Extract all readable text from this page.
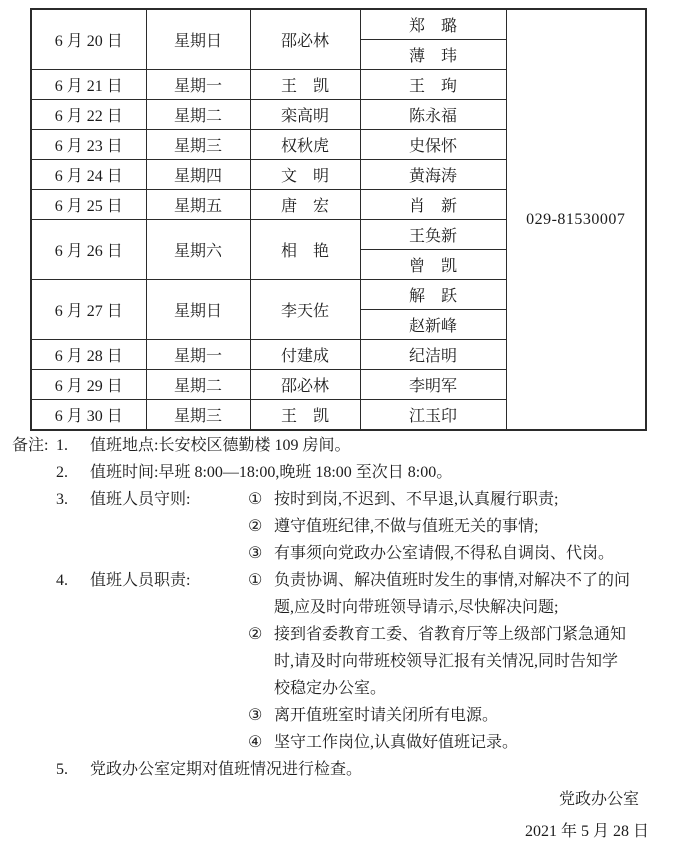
6 月 20 日	星期日	邵必林	郑　璐	029-81530007
			薄　玮	
6 月 21 日	星期一	王　凯	王　珣	
6 月 22 日	星期二	栾高明	陈永福	
6 月 23 日	星期三	权秋虎	史保怀	
6 月 24 日	星期四	文　明	黄海涛	
6 月 25 日	星期五	唐　宏	肖　新	
6 月 26 日	星期六	相　艳	王奂新	
			曾　凯	
6 月 27 日	星期日	李天佐	解　跃	
			赵新峰	
6 月 28 日	星期一	付建成	纪洁明	
6 月 29 日	星期二	邵必林	李明军	
6 月 30 日	星期三	王　凯	江玉印	
备注: 1.	值班地点:长安校区德勤楼 109 房间。
2.	值班时间:早班 8:00—18:00,晚班 18:00 至次日 8:00。
3.	值班人员守则:	① 按时到岗,不迟到、不早退,认真履行职责;
② 遵守值班纪律,不做与值班无关的事情;
③ 有事须向党政办公室请假,不得私自调岗、代岗。
4.	值班人员职责:	① 负责协调、解决值班时发生的事情,对解决不了的问题,应及时向带班领导请示,尽快解决问题;
② 接到省委教育工委、省教育厅等上级部门紧急通知时,请及时向带班校领导汇报有关情况,同时告知学校稳定办公室。
③ 离开值班室时请关闭所有电源。
④ 坚守工作岗位,认真做好值班记录。
5.	党政办公室定期对值班情况进行检查。
党政办公室
2021 年 5 月 28 日
